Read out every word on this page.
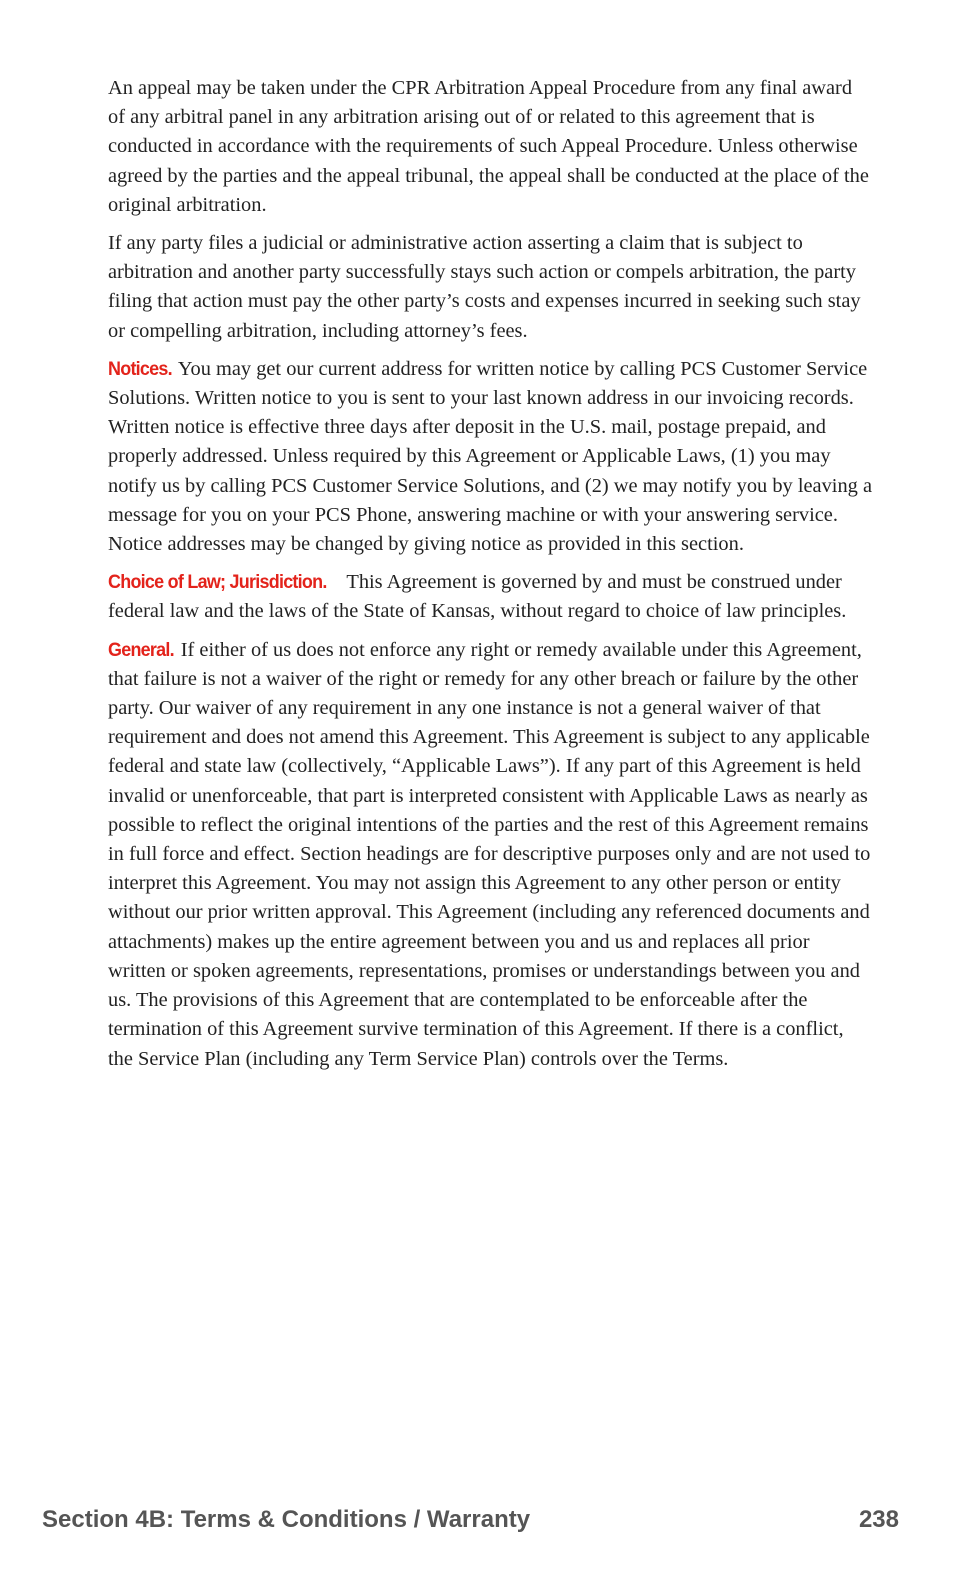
An appeal may be taken under the CPR Arbitration Appeal Procedure from any final award of any arbitral panel in any arbitration arising out of or related to this agreement that is conducted in accordance with the requirements of such Appeal Procedure. Unless otherwise agreed by the parties and the appeal tribunal, the appeal shall be conducted at the place of the original arbitration.

If any party files a judicial or administrative action asserting a claim that is subject to arbitration and another party successfully stays such action or compels arbitration, the party filing that action must pay the other party’s costs and expenses incurred in seeking such stay or compelling arbitration, including attorney’s fees.

Notices. You may get our current address for written notice by calling PCS Customer Service Solutions. Written notice to you is sent to your last known address in our invoicing records. Written notice is effective three days after deposit in the U.S. mail, postage prepaid, and properly addressed. Unless required by this Agreement or Applicable Laws, (1) you may notify us by calling PCS Customer Service Solutions, and (2) we may notify you by leaving a message for you on your PCS Phone, answering machine or with your answering service. Notice addresses may be changed by giving notice as provided in this section.

Choice of Law; Jurisdiction. This Agreement is governed by and must be construed under federal law and the laws of the State of Kansas, without regard to choice of law principles.

General. If either of us does not enforce any right or remedy available under this Agreement, that failure is not a waiver of the right or remedy for any other breach or failure by the other party. Our waiver of any requirement in any one instance is not a general waiver of that requirement and does not amend this Agreement. This Agreement is subject to any applicable federal and state law (collectively, “Applicable Laws”). If any part of this Agreement is held invalid or unenforceable, that part is interpreted consistent with Applicable Laws as nearly as possible to reflect the original intentions of the parties and the rest of this Agreement remains in full force and effect. Section headings are for descriptive purposes only and are not used to interpret this Agreement. You may not assign this Agreement to any other person or entity without our prior written approval. This Agreement (including any referenced documents and attachments) makes up the entire agreement between you and us and replaces all prior written or spoken agreements, representations, promises or understandings between you and us. The provisions of this Agreement that are contemplated to be enforceable after the termination of this Agreement survive termination of this Agreement. If there is a conflict, the Service Plan (including any Term Service Plan) controls over the Terms.

Section 4B: Terms & Conditions / Warranty	238
